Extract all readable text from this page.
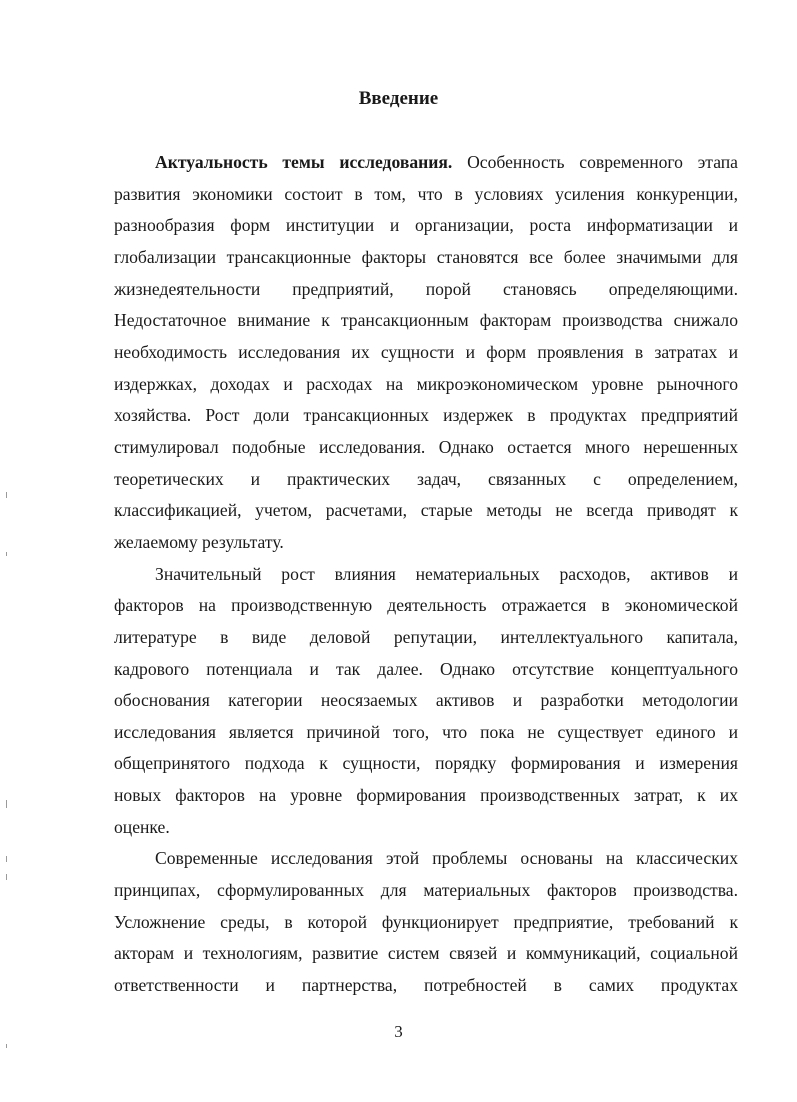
Введение

Актуальность темы исследования. Особенность современного этапа
развития экономики состоит в том, что в условиях усиления конкуренции,
разнообразия форм институции и организации, роста информатизации и
глобализации трансакционные факторы становятся все более значимыми для
жизнедеятельности предприятий, порой становясь определяющими.
Недостаточное внимание к трансакционным факторам производства снижало
необходимость исследования их сущности и форм проявления в затратах и
издержках, доходах и расходах на микроэкономическом уровне рыночного
хозяйства. Рост доли трансакционных издержек в продуктах предприятий
стимулировал подобные исследования. Однако остается много нерешенных
теоретических и практических задач, связанных с определением,
классификацией, учетом, расчетами, старые методы не всегда приводят к
желаемому результату.

Значительный рост влияния нематериальных расходов, активов и
факторов на производственную деятельность отражается в экономической
литературе в виде деловой репутации, интеллектуального капитала,
кадрового потенциала и так далее. Однако отсутствие концептуального
обоснования категории неосязаемых активов и разработки методологии
исследования является причиной того, что пока не существует единого и
общепринятого подхода к сущности, порядку формирования и измерения
новых факторов на уровне формирования производственных затрат, к их
оценке.

Современные исследования этой проблемы основаны на классических
принципах, сформулированных для материальных факторов производства.
Усложнение среды, в которой функционирует предприятие, требований к
акторам и технологиям, развитие систем связей и коммуникаций, социальной
ответственности и партнерства, потребностей в самих продуктах

3
